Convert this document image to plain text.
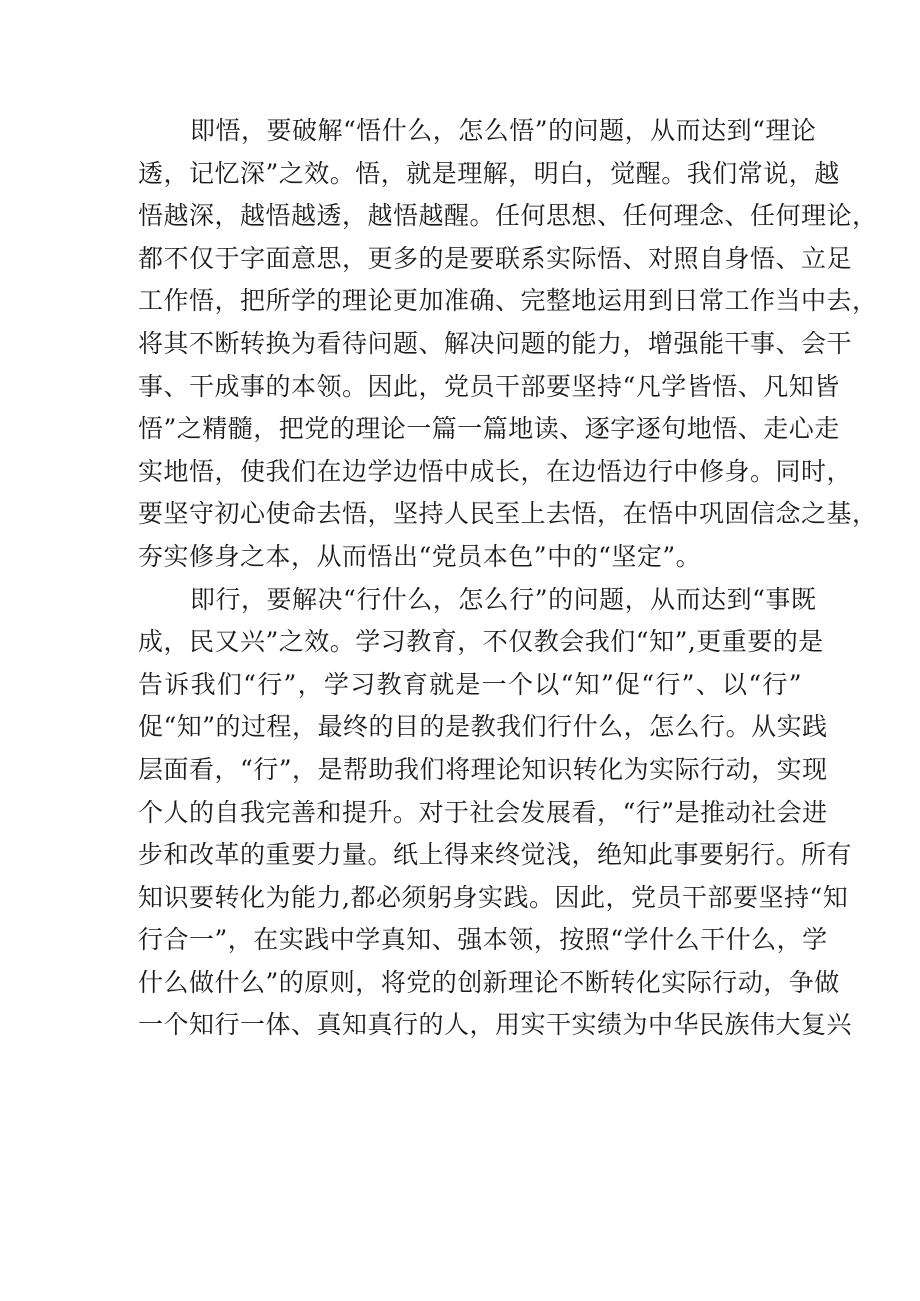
即悟，要破解“悟什么，怎么悟”的问题，从而达到“理论
透，记忆深”之效。悟，就是理解，明白，觉醒。我们常说，越
悟越深，越悟越透，越悟越醒。任何思想、任何理念、任何理论，
都不仅于字面意思，更多的是要联系实际悟、对照自身悟、立足
工作悟，把所学的理论更加准确、完整地运用到日常工作当中去，
将其不断转换为看待问题、解决问题的能力，增强能干事、会干
事、干成事的本领。因此，党员干部要坚持“凡学皆悟、凡知皆
悟”之精髓，把党的理论一篇一篇地读、逐字逐句地悟、走心走
实地悟，使我们在边学边悟中成长，在边悟边行中修身。同时，
要坚守初心使命去悟，坚持人民至上去悟，在悟中巩固信念之基，
夯实修身之本，从而悟出“党员本色”中的“坚定”。
即行，要解决“行什么，怎么行”的问题，从而达到“事既
成，民又兴”之效。学习教育，不仅教会我们“知”,更重要的是
告诉我们“行”，学习教育就是一个以“知”促“行”、以“行”
促“知”的过程，最终的目的是教我们行什么，怎么行。从实践
层面看，“行”，是帮助我们将理论知识转化为实际行动，实现
个人的自我完善和提升。对于社会发展看，“行”是推动社会进
步和改革的重要力量。纸上得来终觉浅，绝知此事要躬行。所有
知识要转化为能力,都必须躬身实践。因此，党员干部要坚持“知
行合一”，在实践中学真知、强本领，按照“学什么干什么，学
什么做什么”的原则，将党的创新理论不断转化实际行动，争做
一个知行一体、真知真行的人，用实干实绩为中华民族伟大复兴
